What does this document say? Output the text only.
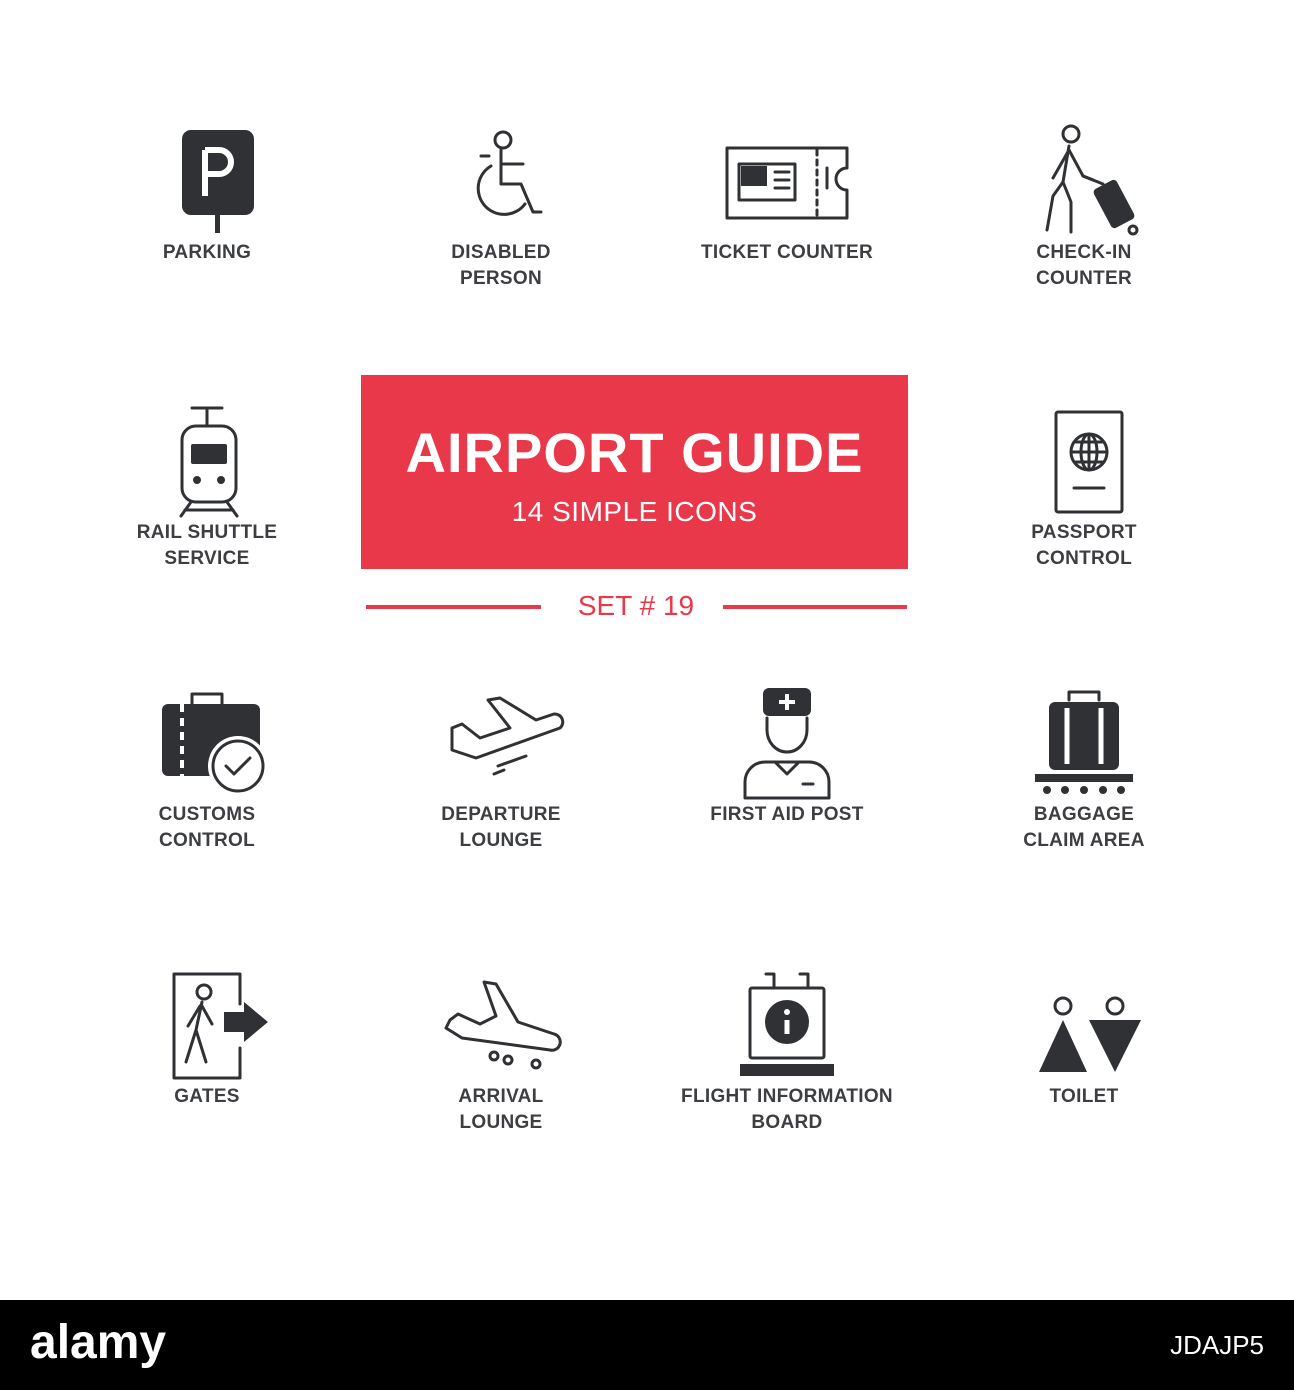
PARKING	DISABLED
PERSON
TICKET COUNTER	CHECK-IN
COUNTER
RAIL SHUTTLE
SERVICE
PASSPORT
CONTROL
CUSTOMS
CONTROL
DEPARTURE
LOUNGE
FIRST AID POST	BAGGAGE
CLAIM AREA
GATES	ARRIVAL
LOUNGE
FLIGHT INFORMATION
BOARD
TOILET
AIRPORT GUIDE
14 SIMPLE ICONS
SET # 19
alamy	JDAJP5
